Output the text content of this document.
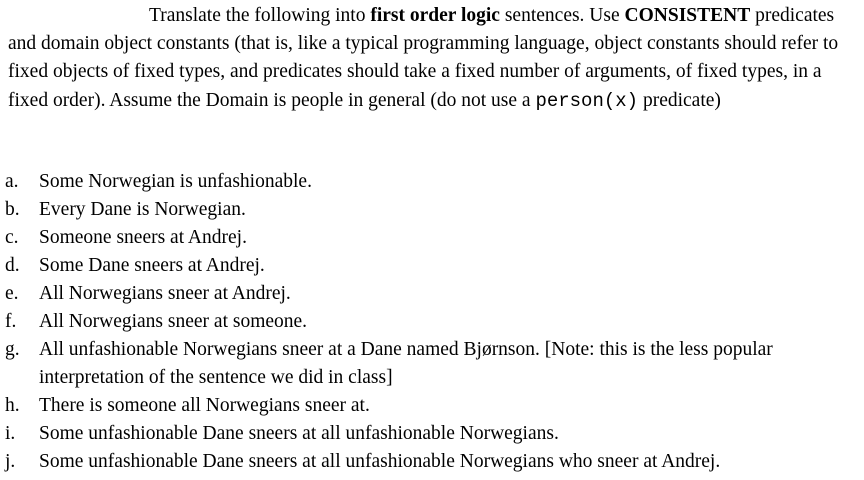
Translate the following into first order logic sentences. Use CONSISTENT predicates and domain object constants (that is, like a typical programming language, object constants should refer to fixed objects of fixed types, and predicates should take a fixed number of arguments, of fixed types, in a fixed order). Assume the Domain is people in general (do not use a person(x) predicate)

a. Some Norwegian is unfashionable.
b. Every Dane is Norwegian.
c. Someone sneers at Andrej.
d. Some Dane sneers at Andrej.
e. All Norwegians sneer at Andrej.
f. All Norwegians sneer at someone.
g. All unfashionable Norwegians sneer at a Dane named Bjørnson. [Note: this is the less popular interpretation of the sentence we did in class]
h. There is someone all Norwegians sneer at.
i. Some unfashionable Dane sneers at all unfashionable Norwegians.
j. Some unfashionable Dane sneers at all unfashionable Norwegians who sneer at Andrej.
